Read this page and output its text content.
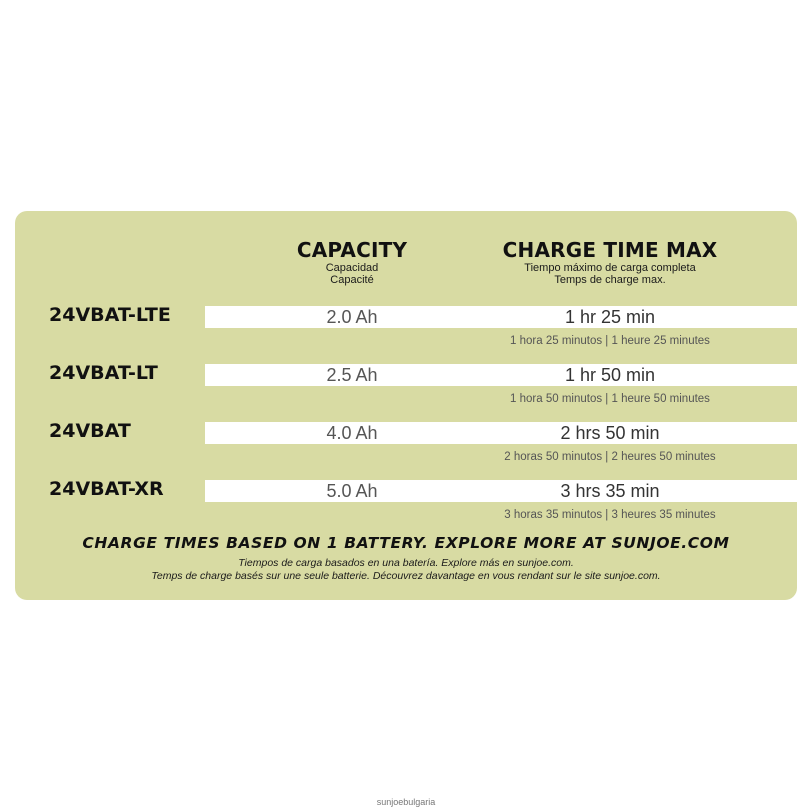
CAPACITY
Capacidad
Capacité
CHARGE TIME MAX
Tiempo máximo de carga completa
Temps de charge max.
24VBAT-LTE	2.0 Ah	1 hr 25 min
1 hora 25 minutos | 1 heure 25 minutes
24VBAT-LT	2.5 Ah	1 hr 50 min
1 hora 50 minutos | 1 heure 50 minutes
24VBAT	4.0 Ah	2 hrs 50 min
2 horas 50 minutos | 2 heures 50 minutes
24VBAT-XR	5.0 Ah	3 hrs 35 min
3 horas 35 minutos | 3 heures 35 minutes
CHARGE TIMES BASED ON 1 BATTERY. EXPLORE MORE AT SUNJOE.COM
Tiempos de carga basados en una batería. Explore más en sunjoe.com.
Temps de charge basés sur une seule batterie. Découvrez davantage en vous rendant sur le site sunjoe.com.
sunjoebulgaria
